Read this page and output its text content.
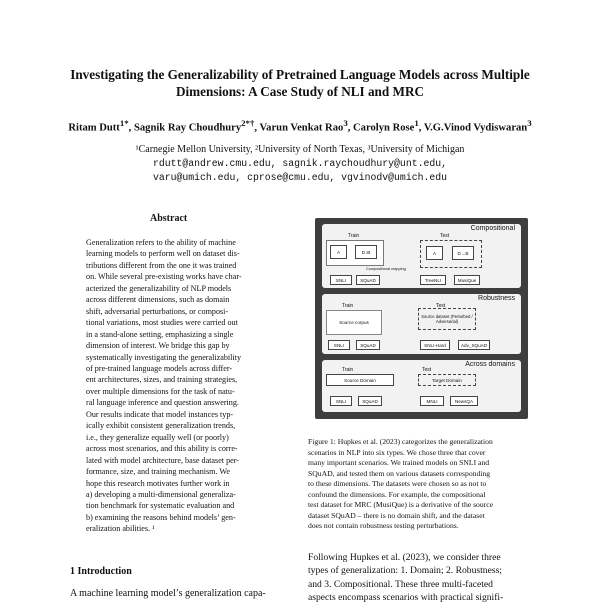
Investigating the Generalizability of Pretrained Language Models across Multiple Dimensions: A Case Study of NLI and MRC
Ritam Dutt$^{1*}$, Sagnik Ray Choudhury$^{2*\dagger}$, Varun Venkat Rao$^3$, Carolyn Rose$^1$, V.G.Vinod Vydiswaran$^3$
¹Carnegie Mellon University, ²University of North Texas, ³University of Michigan
rdutt@andrew.cmu.edu, sagnik.raychoudhury@unt.edu,
varu@umich.edu, cprose@cmu.edu, vgvinodv@umich.edu
Abstract
Generalization refers to the ability of machine
learning models to perform well on dataset dis-
tributions different from the one it was trained
on. While several pre-existing works have char-
acterized the generalizability of NLP models
across different dimensions, such as domain
shift, adversarial perturbations, or composi-
tional variations, most studies were carried out
in a stand-alone setting, emphasizing a single
dimension of interest. We bridge this gap by
systematically investigating the generalizability
of pre-trained language models across differ-
ent architectures, sizes, and training strategies,
over multiple dimensions for the task of natu-
ral language inference and question answering.
Our results indicate that model instances typ-
ically exhibit consistent generalization trends,
i.e., they generalize equally well (or poorly)
across most scenarios, and this ability is corre-
lated with model architecture, base dataset per-
formance, size, and training mechanism. We
hope this research motivates further work in
a) developing a multi-dimensional generaliza-
tion benchmark for systematic evaluation and
b) examining the reasons behind models’ gen-
eralization abilities. ¹
1 Introduction
A machine learning model’s generalization capa-
Compositional
Train	Test
A	D↓B
Compositional mapping
A	D→B
SNLI	SQuAD	TreeNLI	MusiQue
Robustness
Train	Test
Source corpus
Source dataset (Perturbed / Adversarial)
SNLI	SQuAD	SNLI-Hard	Adv_SQuAD
Across domains
Train	Test
Source Domain	Target Domain
SNLI	SQuAD	MNLI	NewsQA
Figure 1: Hupkes et al. (2023) categorizes the generalization
scenarios in NLP into six types. We chose three that cover
many important scenarios. We trained models on SNLI and
SQuAD, and tested them on various datasets corresponding
to these dimensions. The datasets were chosen so as not to
confound the dimensions. For example, the compositional
test dataset for MRC (MusiQue) is a derivative of the source
dataset SQuAD – there is no domain shift, and the dataset
does not contain robustness testing perturbations.
Following Hupkes et al. (2023), we consider three
types of generalization: 1. Domain; 2. Robustness;
and 3. Compositional. These three multi-faceted
aspects encompass scenarios with practical signifi-
